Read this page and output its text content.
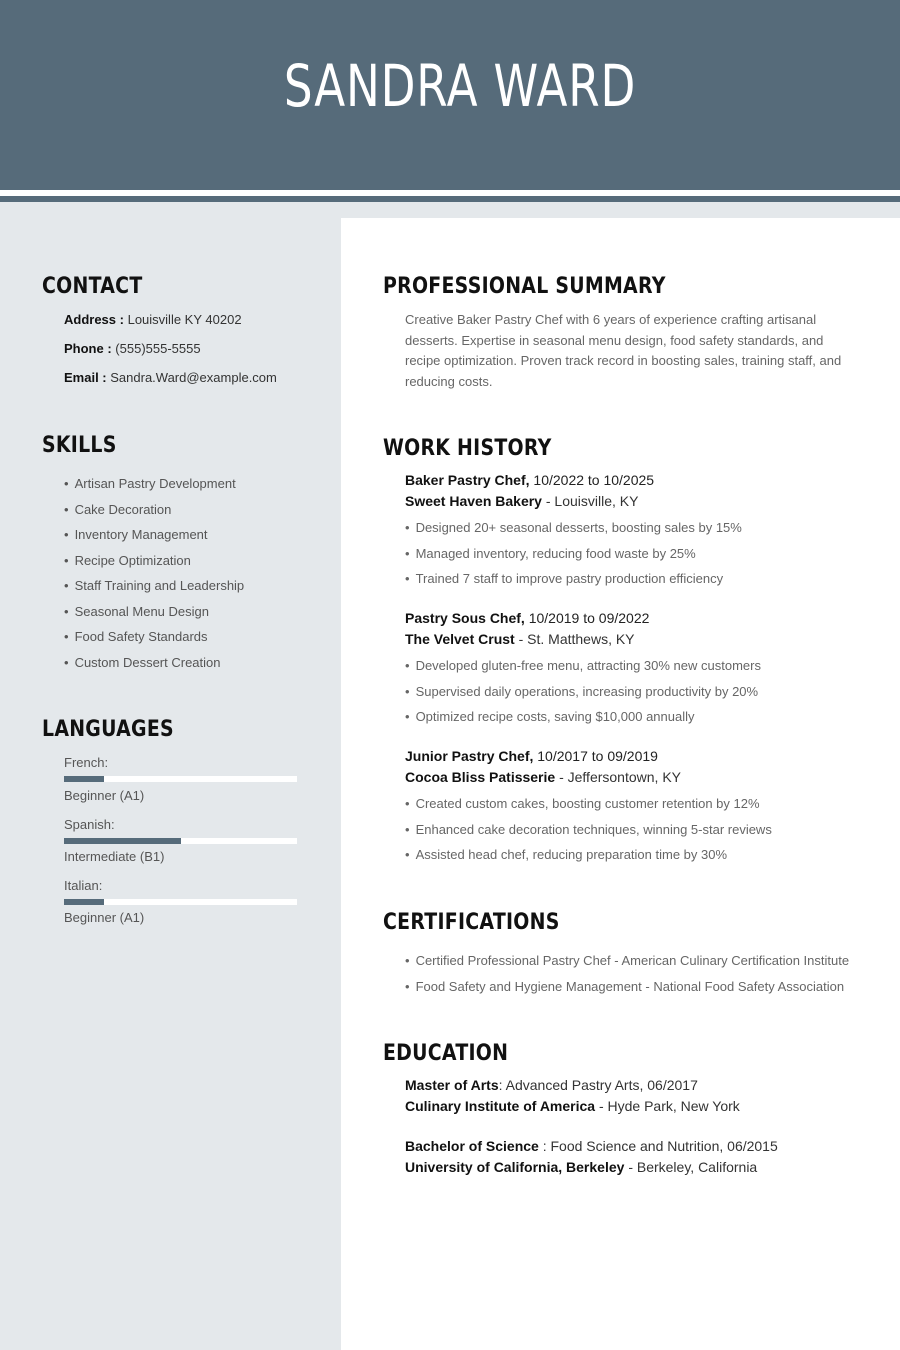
SANDRA WARD
CONTACT
Address : Louisville KY 40202
Phone : (555)555-5555
Email : Sandra.Ward@example.com
SKILLS
• Artisan Pastry Development
• Cake Decoration
• Inventory Management
• Recipe Optimization
• Staff Training and Leadership
• Seasonal Menu Design
• Food Safety Standards
• Custom Dessert Creation
LANGUAGES
French:
Beginner (A1)
Spanish:
Intermediate (B1)
Italian:
Beginner (A1)
PROFESSIONAL SUMMARY
Creative Baker Pastry Chef with 6 years of experience crafting artisanal desserts. Expertise in seasonal menu design, food safety standards, and recipe optimization. Proven track record in boosting sales, training staff, and reducing costs.
WORK HISTORY
Baker Pastry Chef, 10/2022 to 10/2025
Sweet Haven Bakery - Louisville, KY
• Designed 20+ seasonal desserts, boosting sales by 15%
• Managed inventory, reducing food waste by 25%
• Trained 7 staff to improve pastry production efficiency
Pastry Sous Chef, 10/2019 to 09/2022
The Velvet Crust - St. Matthews, KY
• Developed gluten-free menu, attracting 30% new customers
• Supervised daily operations, increasing productivity by 20%
• Optimized recipe costs, saving $10,000 annually
Junior Pastry Chef, 10/2017 to 09/2019
Cocoa Bliss Patisserie - Jeffersontown, KY
• Created custom cakes, boosting customer retention by 12%
• Enhanced cake decoration techniques, winning 5-star reviews
• Assisted head chef, reducing preparation time by 30%
CERTIFICATIONS
• Certified Professional Pastry Chef - American Culinary Certification Institute
• Food Safety and Hygiene Management - National Food Safety Association
EDUCATION
Master of Arts: Advanced Pastry Arts, 06/2017
Culinary Institute of America - Hyde Park, New York
Bachelor of Science : Food Science and Nutrition, 06/2015
University of California, Berkeley - Berkeley, California
